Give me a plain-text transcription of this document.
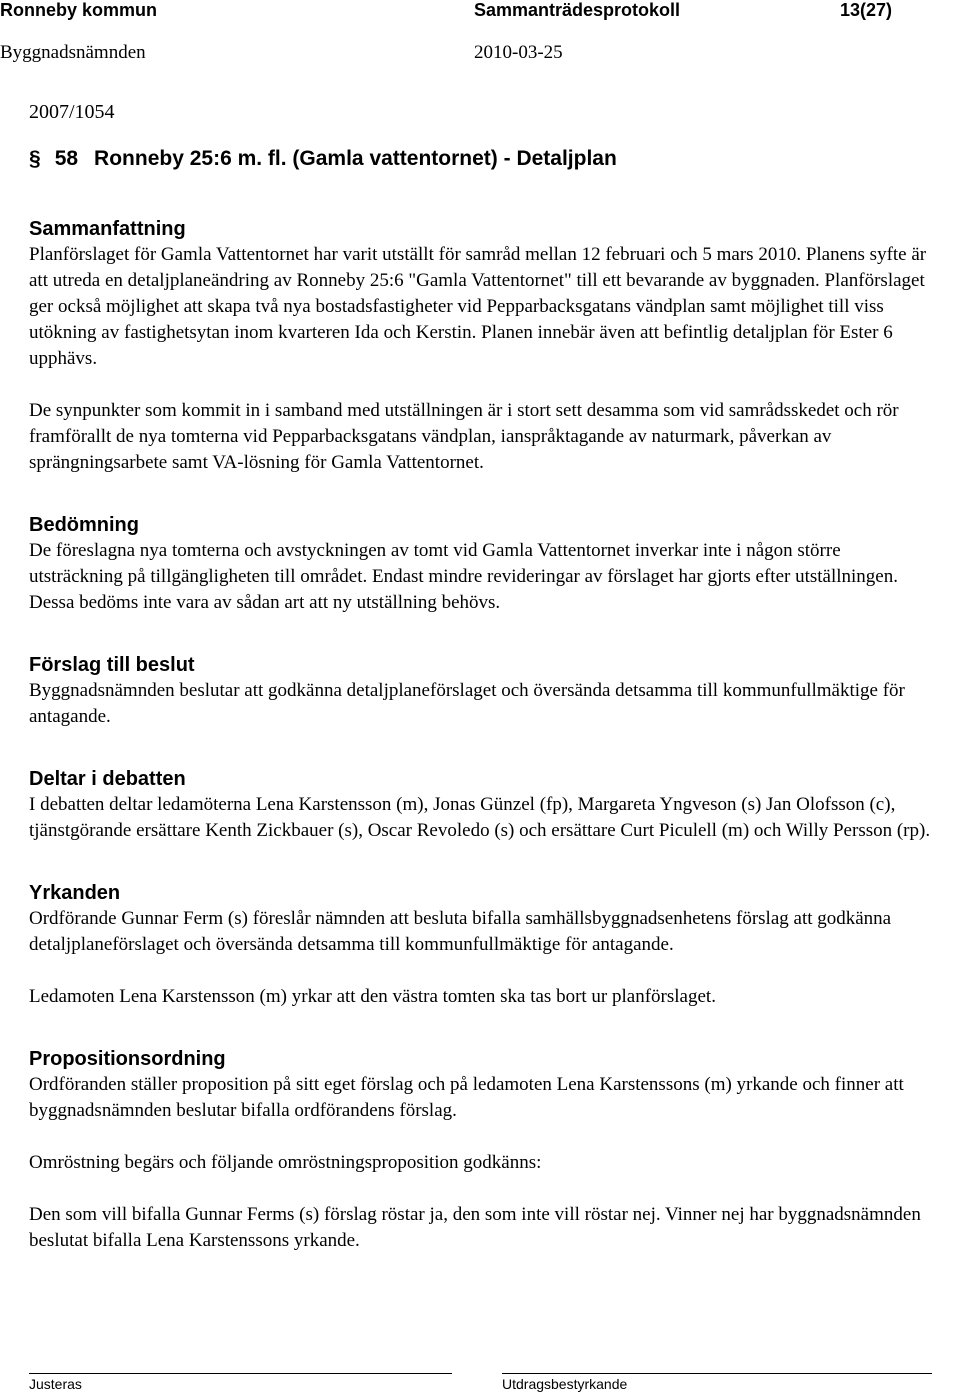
Ronneby kommun	Sammanträdesprotokoll	13(27)
Byggnadsnämnden	2010-03-25
2007/1054
§ 58 Ronneby 25:6 m. fl. (Gamla vattentornet) - Detaljplan
Sammanfattning

Planförslaget för Gamla Vattentornet har varit utställt för samråd mellan 12 februari och 5 mars 2010. Planens syfte är att utreda en detaljplaneändring av Ronneby 25:6 "Gamla Vattentornet" till ett bevarande av byggnaden. Planförslaget ger också möjlighet att skapa två nya bostadsfastigheter vid Pepparbacksgatans vändplan samt möjlighet till viss utökning av fastighetsytan inom kvarteren Ida och Kerstin. Planen innebär även att befintlig detaljplan för Ester 6 upphävs.

De synpunkter som kommit in i samband med utställningen är i stort sett desamma som vid samrådsskedet och rör framförallt de nya tomterna vid Pepparbacksgatans vändplan, ianspråktagande av naturmark, påverkan av sprängningsarbete samt VA-lösning för Gamla Vattentornet.

Bedömning

De föreslagna nya tomterna och avstyckningen av tomt vid Gamla Vattentornet inverkar inte i någon större utsträckning på tillgängligheten till området. Endast mindre revideringar av förslaget har gjorts efter utställningen. Dessa bedöms inte vara av sådan art att ny utställning behövs.

Förslag till beslut

Byggnadsnämnden beslutar att godkänna detaljplaneförslaget och översända detsamma till kommunfullmäktige för antagande.

Deltar i debatten

I debatten deltar ledamöterna Lena Karstensson (m), Jonas Günzel (fp), Margareta Yngveson (s) Jan Olofsson (c), tjänstgörande ersättare Kenth Zickbauer (s), Oscar Revoledo (s) och ersättare Curt Piculell (m) och Willy Persson (rp).

Yrkanden

Ordförande Gunnar Ferm (s) föreslår nämnden att besluta bifalla samhällsbyggnadsenhetens förslag att godkänna detaljplaneförslaget och översända detsamma till kommunfullmäktige för antagande.

Ledamoten Lena Karstensson (m) yrkar att den västra tomten ska tas bort ur planförslaget.

Propositionsordning

Ordföranden ställer proposition på sitt eget förslag och på ledamoten Lena Karstenssons (m) yrkande och finner att byggnadsnämnden beslutar bifalla ordförandens förslag.

Omröstning begärs och följande omröstningsproposition godkänns:

Den som vill bifalla Gunnar Ferms (s) förslag röstar ja, den som inte vill röstar nej. Vinner nej har byggnadsnämnden beslutat bifalla Lena Karstenssons yrkande.

Justeras	Utdragsbestyrkande
